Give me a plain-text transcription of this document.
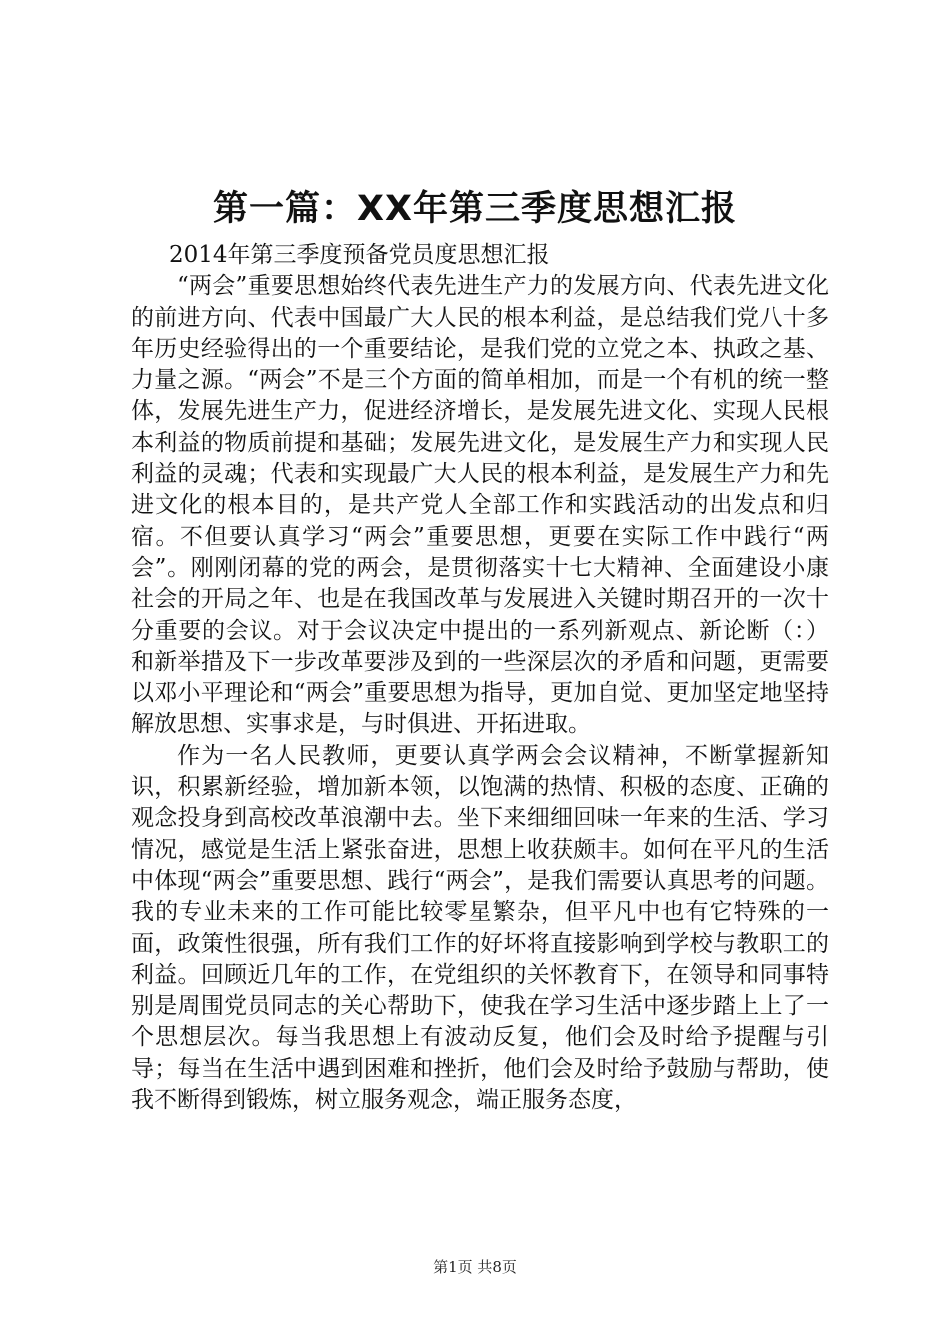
第一篇：XX年第三季度思想汇报

2014年第三季度预备党员度思想汇报

“两会”重要思想始终代表先进生产力的发展方向、代表先进文化的前进方向、代表中国最广大人民的根本利益，是总结我们党八十多年历史经验得出的一个重要结论，是我们党的立党之本、执政之基、力量之源。“两会”不是三个方面的简单相加，而是一个有机的统一整体，发展先进生产力，促进经济增长，是发展先进文化、实现人民根本利益的物质前提和基础；发展先进文化，是发展生产力和实现人民利益的灵魂；代表和实现最广大人民的根本利益，是发展生产力和先进文化的根本目的，是共产党人全部工作和实践活动的出发点和归宿。不但要认真学习“两会”重要思想，更要在实际工作中践行“两会”。刚刚闭幕的党的两会，是贯彻落实十七大精神、全面建设小康社会的开局之年、也是在我国改革与发展进入关键时期召开的一次十分重要的会议。对于会议决定中提出的一系列新观点、新论断（：）和新举措及下一步改革要涉及到的一些深层次的矛盾和问题，更需要以邓小平理论和“两会”重要思想为指导，更加自觉、更加坚定地坚持解放思想、实事求是，与时俱进、开拓进取。

作为一名人民教师，更要认真学两会会议精神，不断掌握新知识，积累新经验，增加新本领，以饱满的热情、积极的态度、正确的观念投身到高校改革浪潮中去。坐下来细细回味一年来的生活、学习情况，感觉是生活上紧张奋进，思想上收获颇丰。如何在平凡的生活中体现“两会”重要思想、践行“两会”，是我们需要认真思考的问题。我的专业未来的工作可能比较零星繁杂，但平凡中也有它特殊的一面，政策性很强，所有我们工作的好坏将直接影响到学校与教职工的利益。回顾近几年的工作，在党组织的关怀教育下，在领导和同事特别是周围党员同志的关心帮助下，使我在学习生活中逐步踏上上了一个思想层次。每当我思想上有波动反复，他们会及时给予提醒与引导；每当在生活中遇到困难和挫折，他们会及时给予鼓励与帮助，使我不断得到锻炼，树立服务观念，端正服务态度，

第1页 共8页
